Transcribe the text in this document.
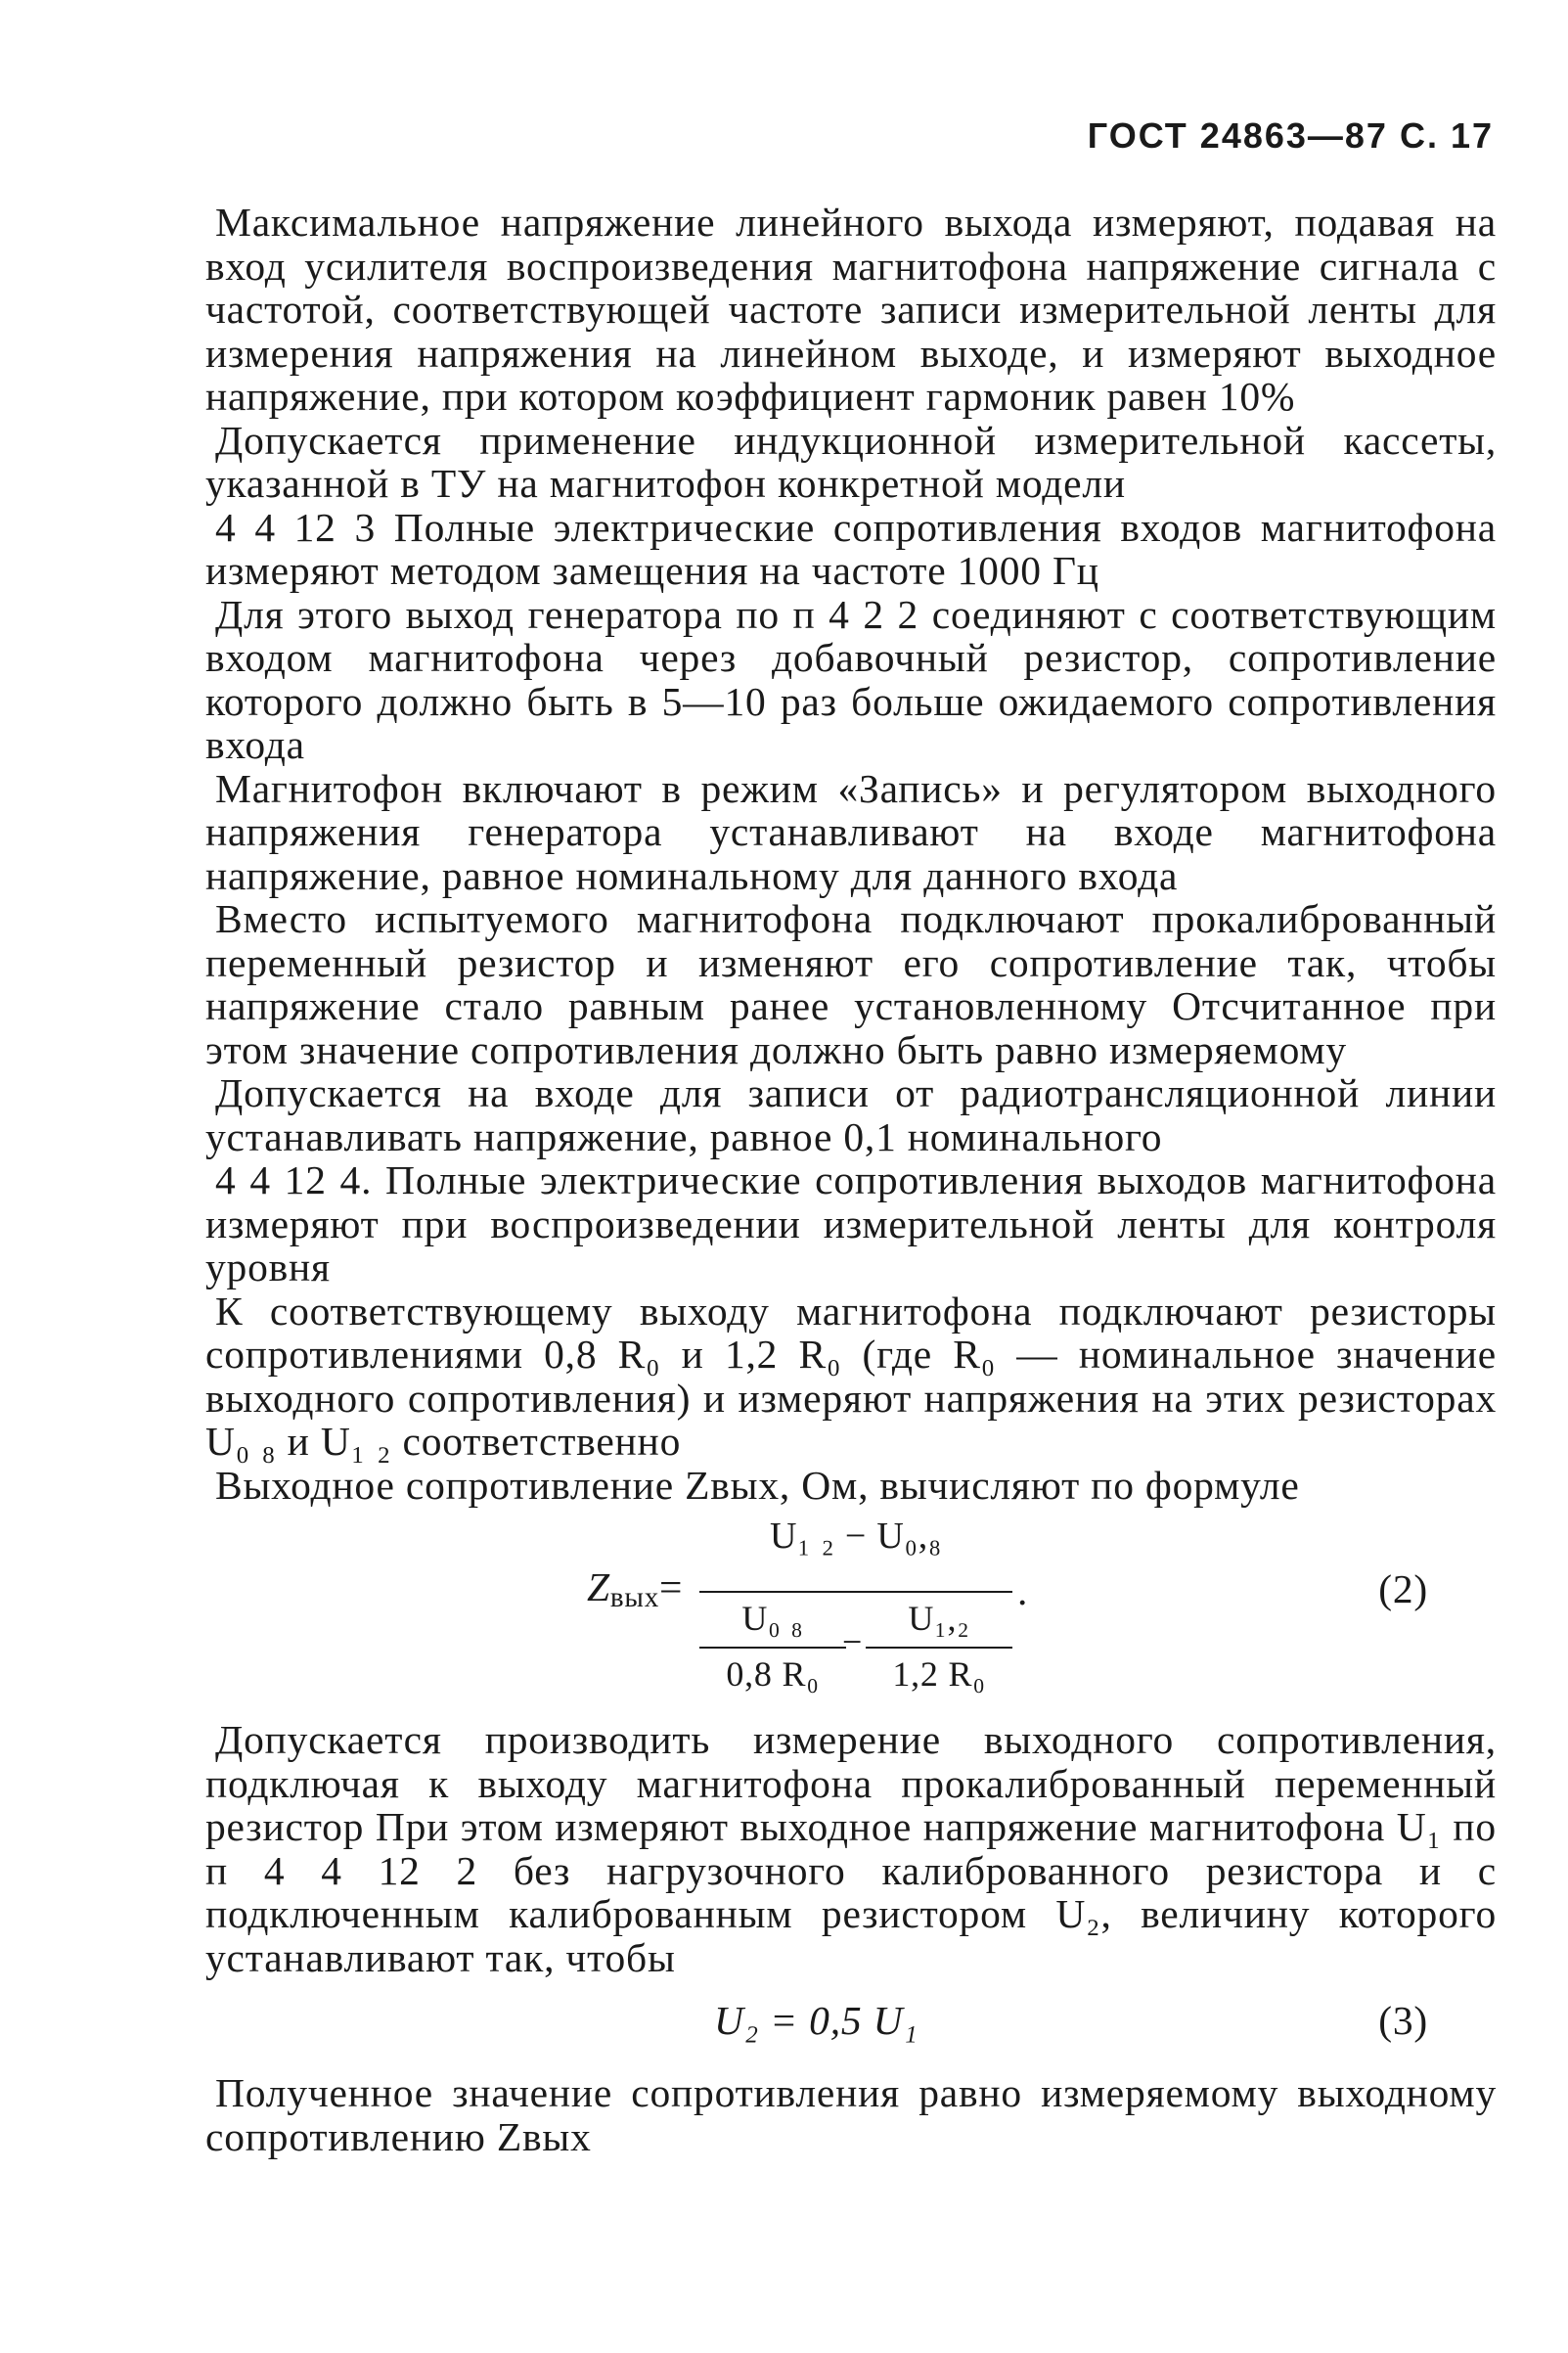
ГОСТ 24863—87 С. 17

Максимальное напряжение линейного выхода измеряют, подавая на вход усилителя воспроизведения магнитофона напряжение сигнала с частотой, соответствующей частоте записи измерительной ленты для измерения напряжения на линейном выходе, и измеряют выходное напряжение, при котором коэффициент гармоник равен 10%

Допускается применение индукционной измерительной кассеты, указанной в ТУ на магнитофон конкретной модели

4 4 12 3 Полные электрические сопротивления входов магнитофона измеряют методом замещения на частоте 1000 Гц

Для этого выход генератора по п 4 2 2 соединяют с соответствующим входом магнитофона через добавочный резистор, сопротивление которого должно быть в 5—10 раз больше ожидаемого сопротивления входа

Магнитофон включают в режим «Запись» и регулятором выходного напряжения генератора устанавливают на входе магнитофона напряжение, равное номинальному для данного входа

Вместо испытуемого магнитофона подключают прокалиброванный переменный резистор и изменяют его сопротивление так, чтобы напряжение стало равным ранее установленному Отсчитанное при этом значение сопротивления должно быть равно измеряемому

Допускается на входе для записи от радиотрансляционной линии устанавливать напряжение, равное 0,1 номинального

4 4 12 4. Полные электрические сопротивления выходов магнитофона измеряют при воспроизведении измерительной ленты для контроля уровня

К соответствующему выходу магнитофона подключают резисторы сопротивлениями 0,8 R₀ и 1,2 R₀ (где R₀ — номинальное значение выходного сопротивления) и измеряют напряжения на этих резисторах U₀ ₈ и U₁ ₂ соответственно

Выходное сопротивление Zвых, Ом, вычисляют по формуле

$Z_{вых}=$
U₁ ₂ − U₀,₈
U₀ ₈
0,8 R₀
−
U₁,₂
1,2 R₀
.	(2)

Допускается производить измерение выходного сопротивления, подключая к выходу магнитофона прокалиброванный переменный резистор При этом измеряют выходное напряжение магнитофона U₁ по п 4 4 12 2 без нагрузочного калиброванного резистора и с подключенным калиброванным резистором U₂, величину которого устанавливают так, чтобы

U₂ = 0,5 U₁	(3)

Полученное значение сопротивления равно измеряемому выходному сопротивлению Zвых
